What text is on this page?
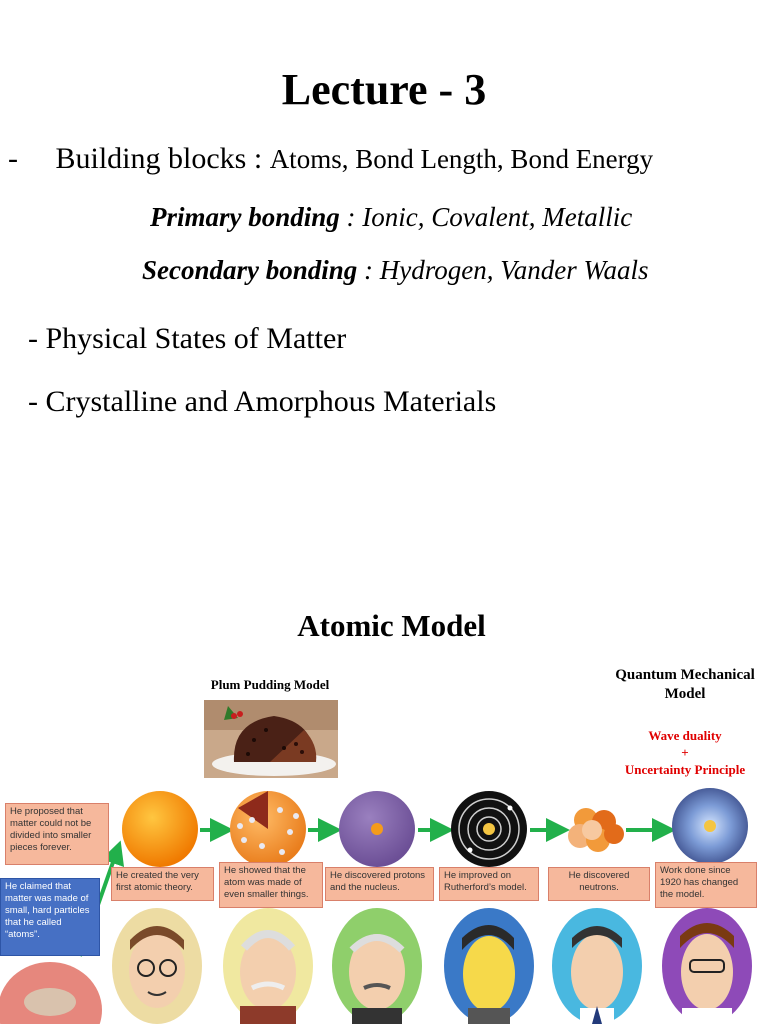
Lecture - 3
- Building blocks : Atoms, Bond Length, Bond Energy
Primary bonding : Ionic, Covalent, Metallic
Secondary bonding : Hydrogen, Vander Waals
- Physical States of Matter
- Crystalline and Amorphous Materials
Atomic Model
Plum Pudding Model
Quantum Mechanical
Model
Wave duality
+
Uncertainty Principle
He proposed that matter could not be divided into smaller pieces forever.
He claimed that matter was made of small, hard particles that he called “atoms”.
He created the very first atomic theory.
He showed that the atom was made of even smaller things.
He discovered protons and the nucleus.
He improved on Rutherford’s model.
He discovered neutrons.
Work done since 1920 has changed the model.
